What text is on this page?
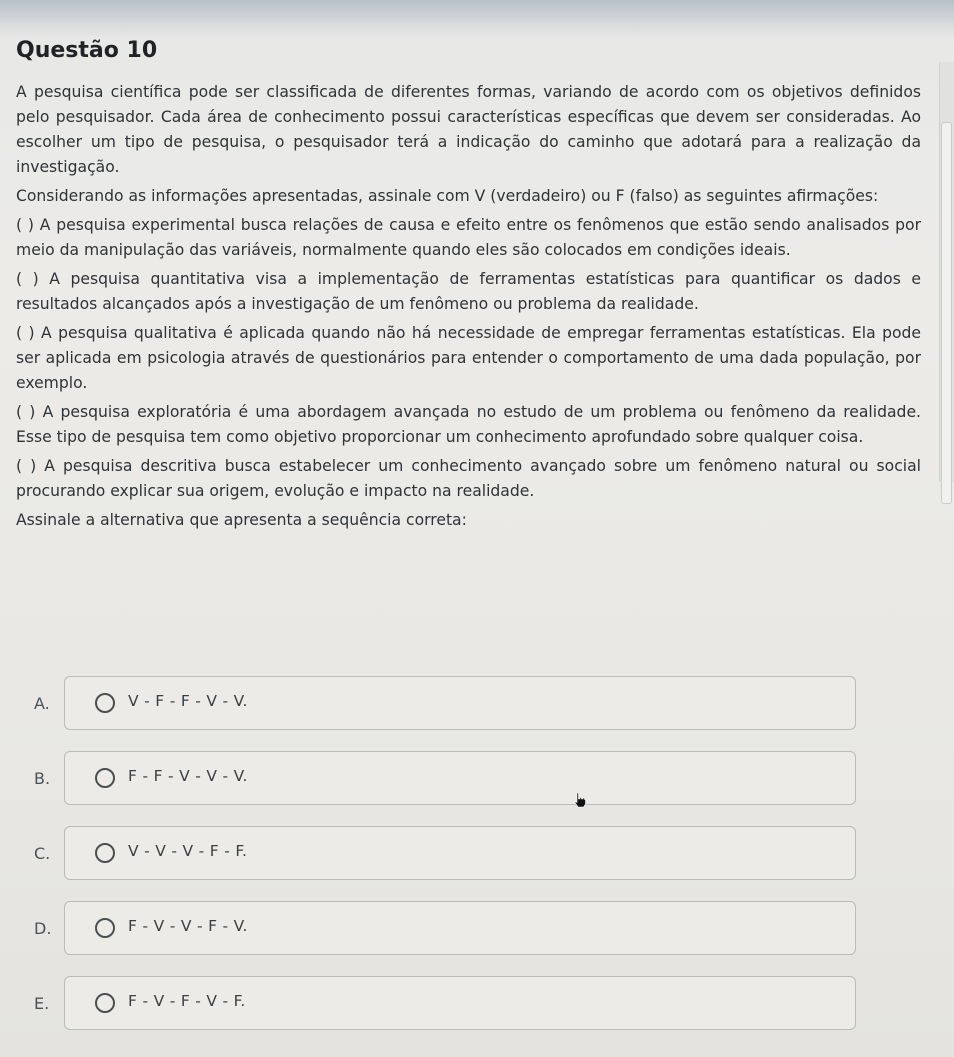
Questão 10

A pesquisa científica pode ser classificada de diferentes formas, variando de acordo com os objetivos definidos pelo pesquisador. Cada área de conhecimento possui características específicas que devem ser consideradas. Ao escolher um tipo de pesquisa, o pesquisador terá a indicação do caminho que adotará para a realização da investigação.

Considerando as informações apresentadas, assinale com V (verdadeiro) ou F (falso) as seguintes afirmações:

( ) A pesquisa experimental busca relações de causa e efeito entre os fenômenos que estão sendo analisados por meio da manipulação das variáveis, normalmente quando eles são colocados em condições ideais.

( ) A pesquisa quantitativa visa a implementação de ferramentas estatísticas para quantificar os dados e resultados alcançados após a investigação de um fenômeno ou problema da realidade.

( ) A pesquisa qualitativa é aplicada quando não há necessidade de empregar ferramentas estatísticas. Ela pode ser aplicada em psicologia através de questionários para entender o comportamento de uma dada população, por exemplo.

( ) A pesquisa exploratória é uma abordagem avançada no estudo de um problema ou fenômeno da realidade. Esse tipo de pesquisa tem como objetivo proporcionar um conhecimento aprofundado sobre qualquer coisa.

( ) A pesquisa descritiva busca estabelecer um conhecimento avançado sobre um fenômeno natural ou social procurando explicar sua origem, evolução e impacto na realidade.

Assinale a alternativa que apresenta a sequência correta:

A.	V - F - F - V - V.
B.	F - F - V - V - V.
C.	V - V - V - F - F.
D.	F - V - V - F - V.
E.	F - V - F - V - F.
